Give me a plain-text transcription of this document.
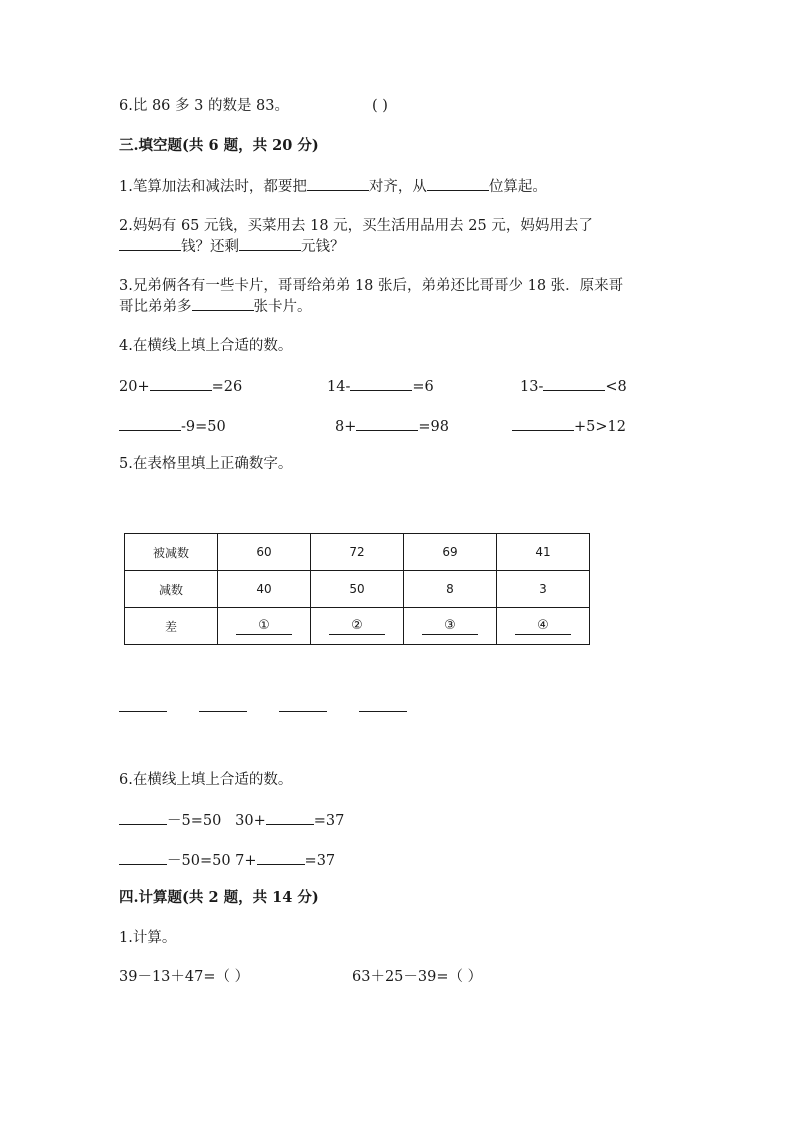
6.比 86 多 3 的数是 83。	( )
三.填空题(共 6 题，共 20 分)
1.笔算加法和减法时，都要把	对齐，从	位算起。
2.妈妈有 65 元钱，买菜用去 18 元，买生活用品用去 25 元，妈妈用去了
钱？还剩	元钱？
3.兄弟俩各有一些卡片，哥哥给弟弟 18 张后，弟弟还比哥哥少 18 张．原来哥
哥比弟弟多	张卡片。
4.在横线上填上合适的数。
20+	=26	14-	=6	13-	<8
-9=50	8+	=98	+5>12
5.在表格里填上正确数字。
被减数	60	72	69	41
减数	40	50	8	3
差	①	②	③	④
6.在横线上填上合适的数。
－5=50 30+	=37
－50=50 7+	=37
四.计算题(共 2 题，共 14 分)
1.计算。
39－13＋47=（ ）	63＋25－39=（ ）
